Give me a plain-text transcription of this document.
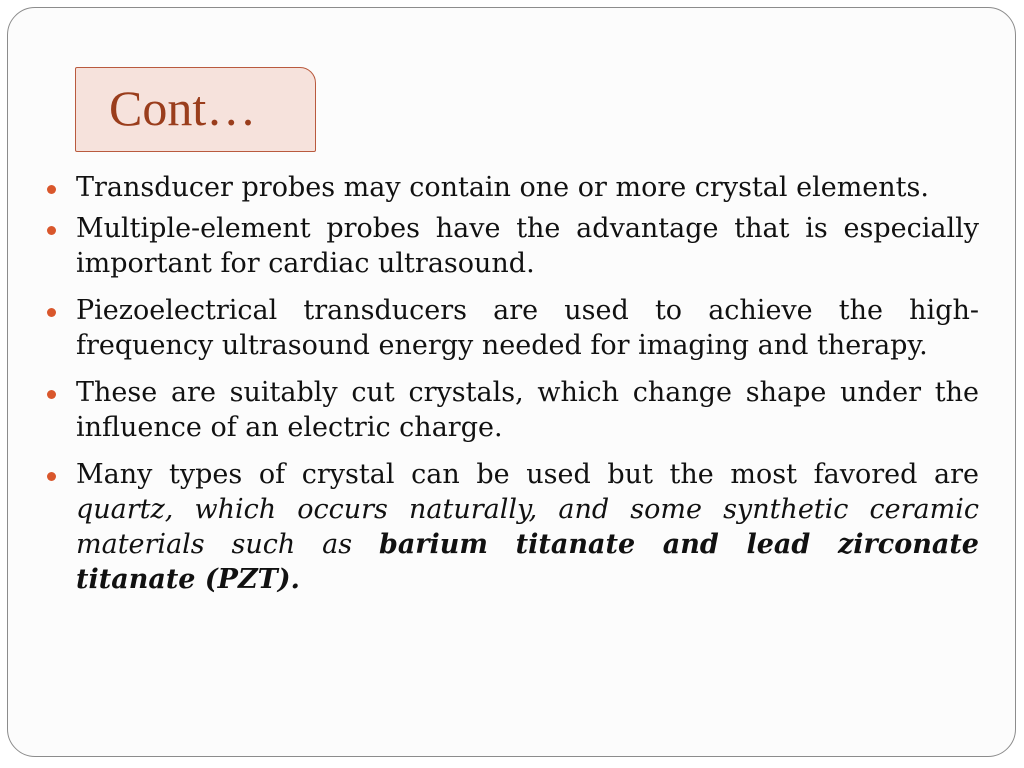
Cont…
Transducer probes may contain one or more crystal elements.
Multiple-element probes have the advantage that is especially important for cardiac ultrasound.
Piezoelectrical transducers are used to achieve the high-frequency ultrasound energy needed for imaging and therapy.
These are suitably cut crystals, which change shape under the influence of an electric charge.
Many types of crystal can be used but the most favored are quartz, which occurs naturally, and some synthetic ceramic materials such as barium titanate and lead zirconate titanate (PZT).
